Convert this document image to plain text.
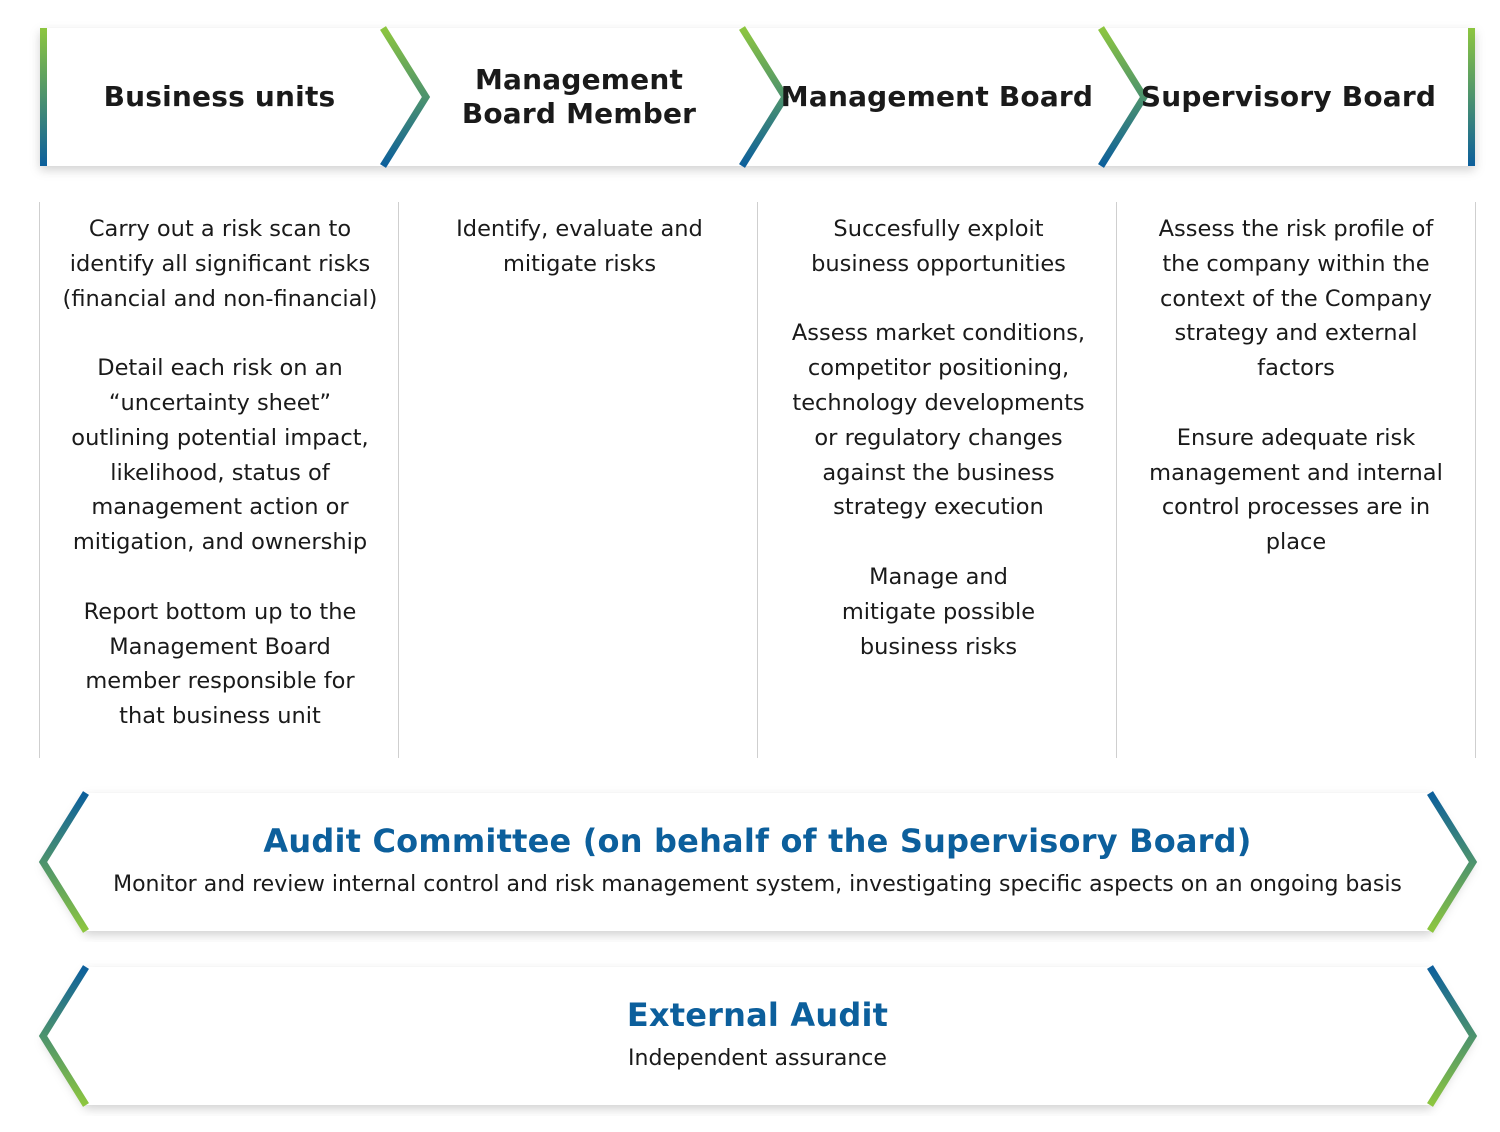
Business units
Management
Board Member
Management Board Supervisory Board

Carry out a risk scan to identify all significant risks (financial and non-financial)

Detail each risk on an “uncertainty sheet” outlining potential impact, likelihood, status of management action or mitigation, and ownership

Report bottom up to the Management Board member responsible for that business unit

Identify, evaluate and mitigate risks

Succesfully exploit business opportunities

Assess market conditions, competitor positioning, technology developments or regulatory changes against the business strategy execution

Manage and mitigate possible business risks

Assess the risk profile of the company within the context of the Company strategy and external factors

Ensure adequate risk management and internal control processes are in place

Audit Committee (on behalf of the Supervisory Board)
Monitor and review internal control and risk management system, investigating specific aspects on an ongoing basis
External Audit
Independent assurance
